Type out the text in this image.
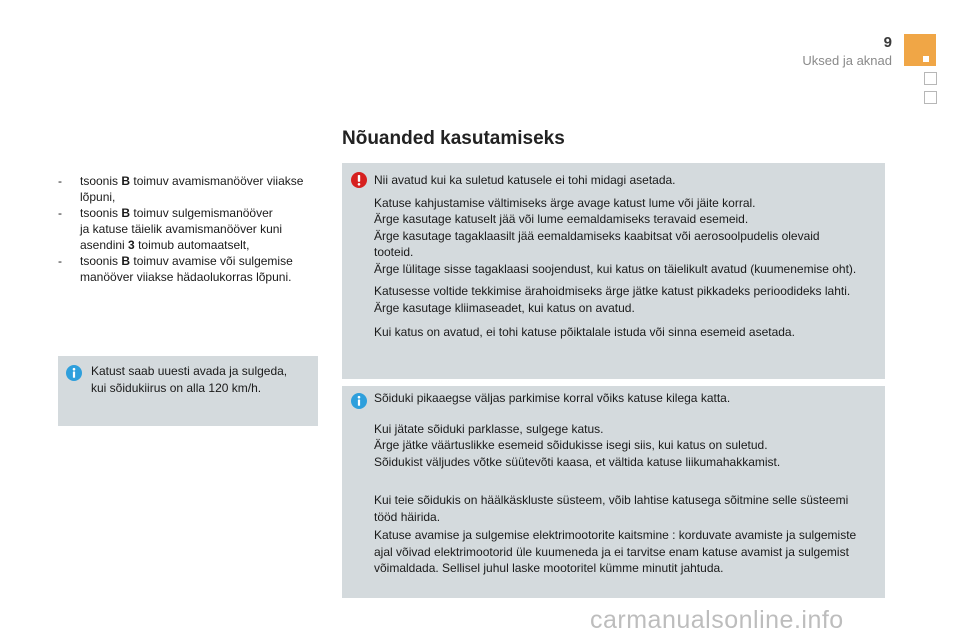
9
Uksed ja aknad
Nõuanded kasutamiseks
- tsoonis B toimuv avamismanööver viiakse
lõpuni,
- tsoonis B toimuv sulgemismanööver
ja katuse täielik avamismanööver kuni
asendini 3 toimub automaatselt,
- tsoonis B toimuv avamise või sulgemise
manööver viiakse hädaolukorras lõpuni.

Katust saab uuesti avada ja sulgeda,

kui sõidukiirus on alla 120 km/h.

Nii avatud kui ka suletud katusele ei tohi midagi asetada.

Katuse kahjustamise vältimiseks ärge avage katust lume või jäite korral.

Ärge kasutage katuselt jää või lume eemaldamiseks teravaid esemeid.

Ärge kasutage tagaklaasilt jää eemaldamiseks kaabitsat või aerosoolpudelis olevaid

tooteid.

Ärge lülitage sisse tagaklaasi soojendust, kui katus on täielikult avatud (kuumenemise oht).

Katusesse voltide tekkimise ärahoidmiseks ärge jätke katust pikkadeks perioodideks lahti.

Ärge kasutage kliimaseadet, kui katus on avatud.

Kui katus on avatud, ei tohi katuse põiktalale istuda või sinna esemeid asetada.

Sõiduki pikaaegse väljas parkimise korral võiks katuse kilega katta.

Kui jätate sõiduki parklasse, sulgege katus.

Ärge jätke väärtuslikke esemeid sõidukisse isegi siis, kui katus on suletud.

Sõidukist väljudes võtke süütevõti kaasa, et vältida katuse liikumahakkamist.

Kui teie sõidukis on häälkäskluste süsteem, võib lahtise katusega sõitmine selle süsteemi

tööd häirida.

Katuse avamise ja sulgemise elektrimootorite kaitsmine : korduvate avamiste ja sulgemiste

ajal võivad elektrimootorid üle kuumeneda ja ei tarvitse enam katuse avamist ja sulgemist

võimaldada. Sellisel juhul laske mootoritel kümme minutit jahtuda.

carmanualsonline.info
